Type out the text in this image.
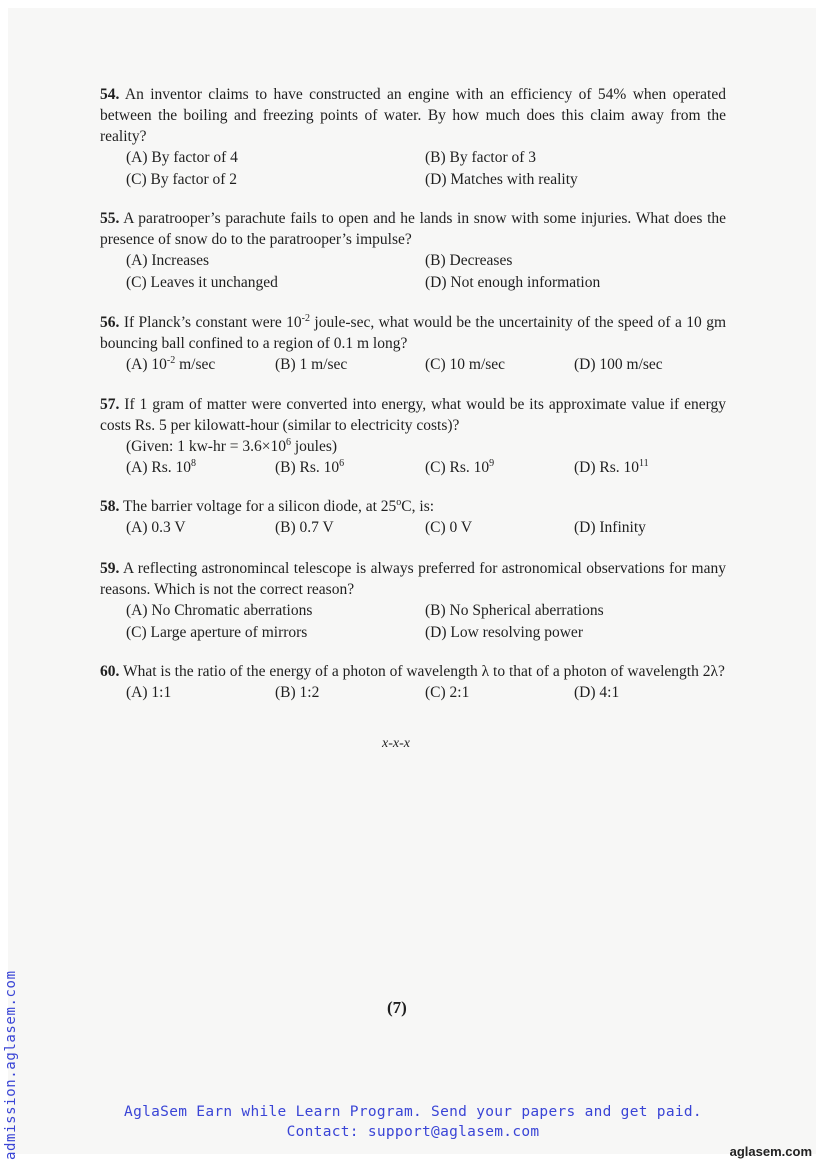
54. An inventor claims to have constructed an engine with an efficiency of 54% when operated between the boiling and freezing points of water. By how much does this claim away from the reality?
(A) By factor of 4	(B) By factor of 3
(C) By factor of 2	(D) Matches with reality
55. A paratrooper’s parachute fails to open and he lands in snow with some injuries. What does the presence of snow do to the paratrooper’s impulse?
(A) Increases	(B) Decreases
(C) Leaves it unchanged	(D) Not enough information
56. If Planck’s constant were $10^{-2}$ joule-sec, what would be the uncertainity of the speed of a 10 gm bouncing ball confined to a region of 0.1 m long?
(A) $10^{-2}$ m/sec	(B) 1 m/sec	(C) 10 m/sec	(D) 100 m/sec
57. If 1 gram of matter were converted into energy, what would be its approximate value if energy costs Rs. 5 per kilowatt-hour (similar to electricity costs)?
(Given: 1 $kw-hr = 3.6\times 10^6$ joules)
(A) Rs. $10^8$	(B) Rs. $10^6$	(C) Rs. $10^9$	(D) Rs. $10^{11}$
58. The barrier voltage for a silicon diode, at 25$^o$C, is:
(A) 0.3 V	(B) 0.7 V	(C) 0 V	(D) Infinity
59. A reflecting astronomincal telescope is always preferred for astronomical observations for many reasons. Which is not the correct reason?
(A) No Chromatic aberrations	(B) No Spherical aberrations
(C) Large aperture of mirrors	(D) Low resolving power
60. What is the ratio of the energy of a photon of wavelength λ to that of a photon of wavelength 2λ?
(A) 1:1	(B) 1:2	(C) 2:1	(D) 4:1
x-x-x
(7)
AglaSem Earn while Learn Program. Send your papers and get paid.
Contact: support@aglasem.com
admission.aglasem.com	aglasem.com
